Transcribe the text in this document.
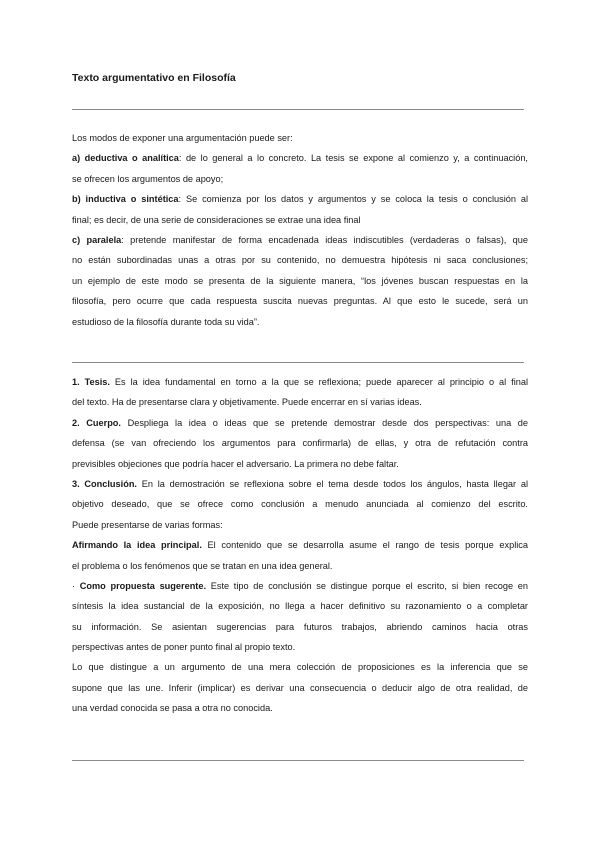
Texto argumentativo en Filosofía
Los modos de exponer una argumentación puede ser:
a) deductiva o analítica: de lo general a lo concreto. La tesis se expone al comienzo y, a continuación,
se ofrecen los argumentos de apoyo;
b) inductiva o sintética: Se comienza por los datos y argumentos y se coloca la tesis o conclusión al
final; es decir, de una serie de consideraciones se extrae una idea final
c) paralela: pretende manifestar de forma encadenada ideas indiscutibles (verdaderas o falsas), que
no están subordinadas unas a otras por su contenido, no demuestra hipótesis ni saca conclusiones;
un ejemplo de este modo se presenta de la siguiente manera, “los jóvenes buscan respuestas en la
filosofía, pero ocurre que cada respuesta suscita nuevas preguntas. Al que esto le sucede, será un
estudioso de la filosofía durante toda su vida”.
1. Tesis. Es la idea fundamental en torno a la que se reflexiona; puede aparecer al principio o al final
del texto. Ha de presentarse clara y objetivamente. Puede encerrar en sí varias ideas.
2. Cuerpo. Despliega la idea o ideas que se pretende demostrar desde dos perspectivas: una de
defensa (se van ofreciendo los argumentos para confirmarla) de ellas, y otra de refutación contra
previsibles objeciones que podría hacer el adversario. La primera no debe faltar.
3. Conclusión. En la demostración se reflexiona sobre el tema desde todos los ángulos, hasta llegar al
objetivo deseado, que se ofrece como conclusión a menudo anunciada al comienzo del escrito.
Puede presentarse de varias formas:
Afirmando la idea principal. El contenido que se desarrolla asume el rango de tesis porque explica
el problema o los fenómenos que se tratan en una idea general.
· Como propuesta sugerente. Este tipo de conclusión se distingue porque el escrito, si bien recoge en
síntesis la idea sustancial de la exposición, no llega a hacer definitivo su razonamiento o a completar
su información. Se asientan sugerencias para futuros trabajos, abriendo caminos hacia otras
perspectivas antes de poner punto final al propio texto.
Lo que distingue a un argumento de una mera colección de proposiciones es la inferencia que se
supone que las une. Inferir (implicar) es derivar una consecuencia o deducir algo de otra realidad, de
una verdad conocida se pasa a otra no conocida.
